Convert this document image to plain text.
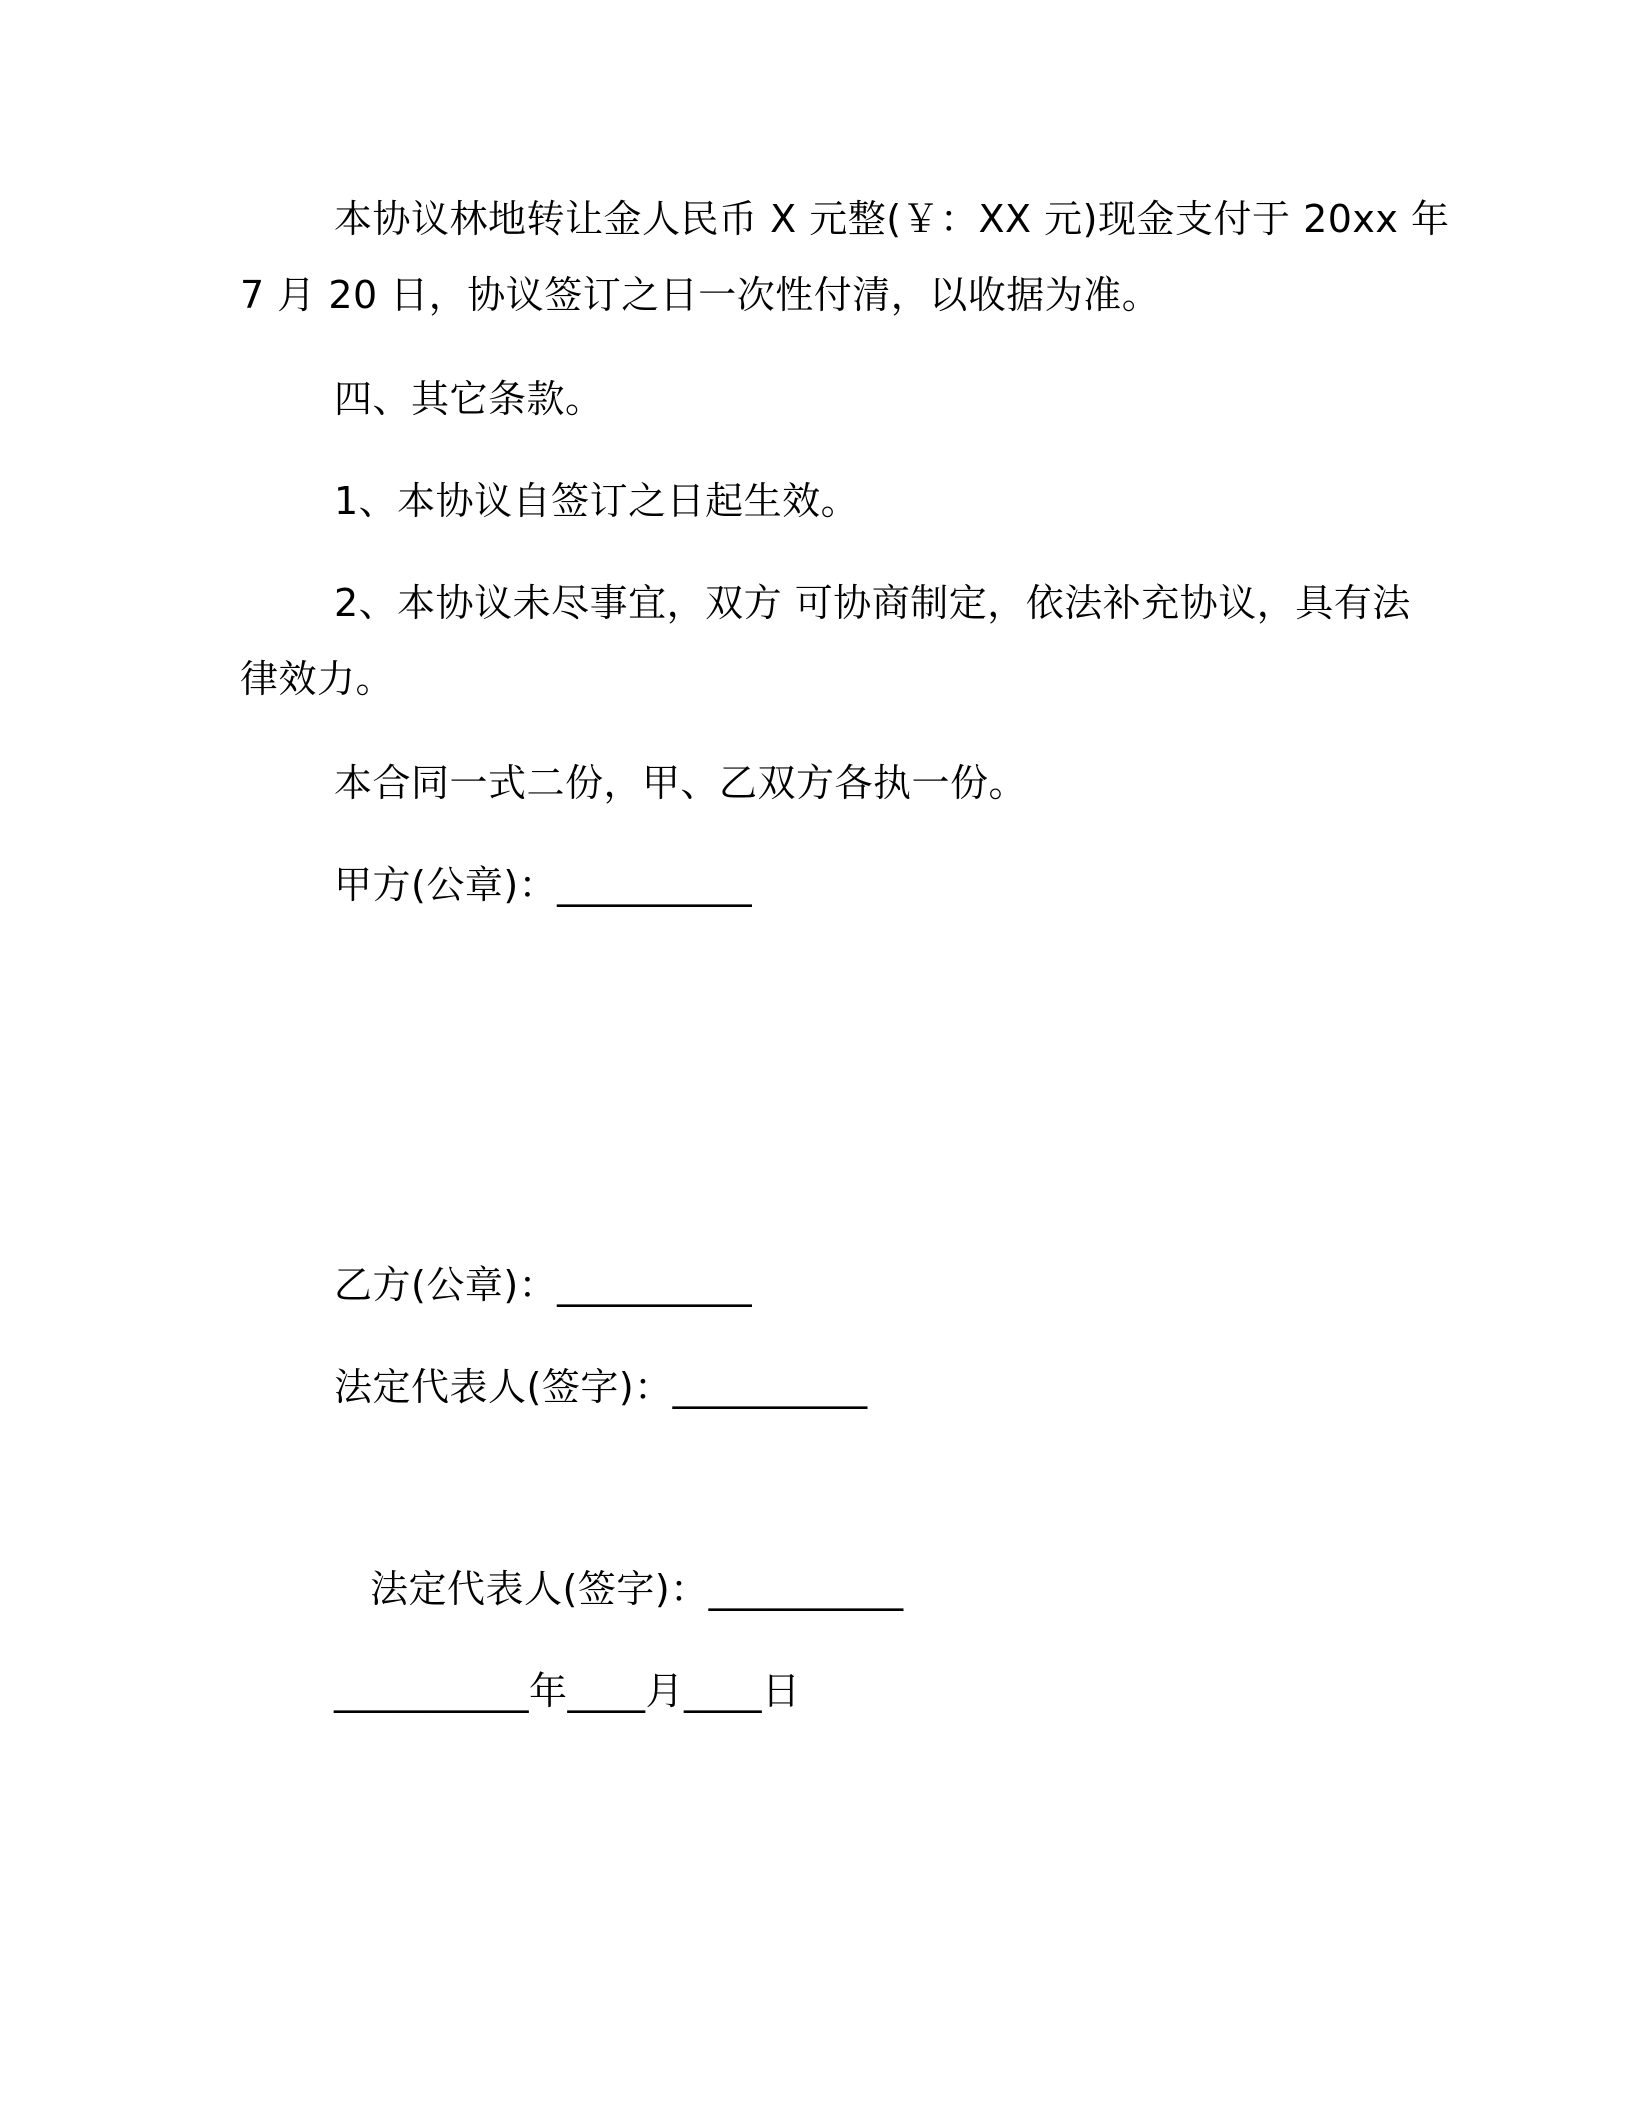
本协议林地转让金人民币 X 元整(￥：XX 元)现金支付于 20xx 年
7 月 20 日，协议签订之日一次性付清，以收据为准。
四、其它条款。
1、本协议自签订之日起生效。
2、本协议未尽事宜，双方 可协商制定，依法补充协议，具有法
律效力。
本合同一式二份，甲、乙双方各执一份。
甲方(公章)：__________
乙方(公章)：__________
法定代表人(签字)：__________
法定代表人(签字)：__________
__________年____月____日
